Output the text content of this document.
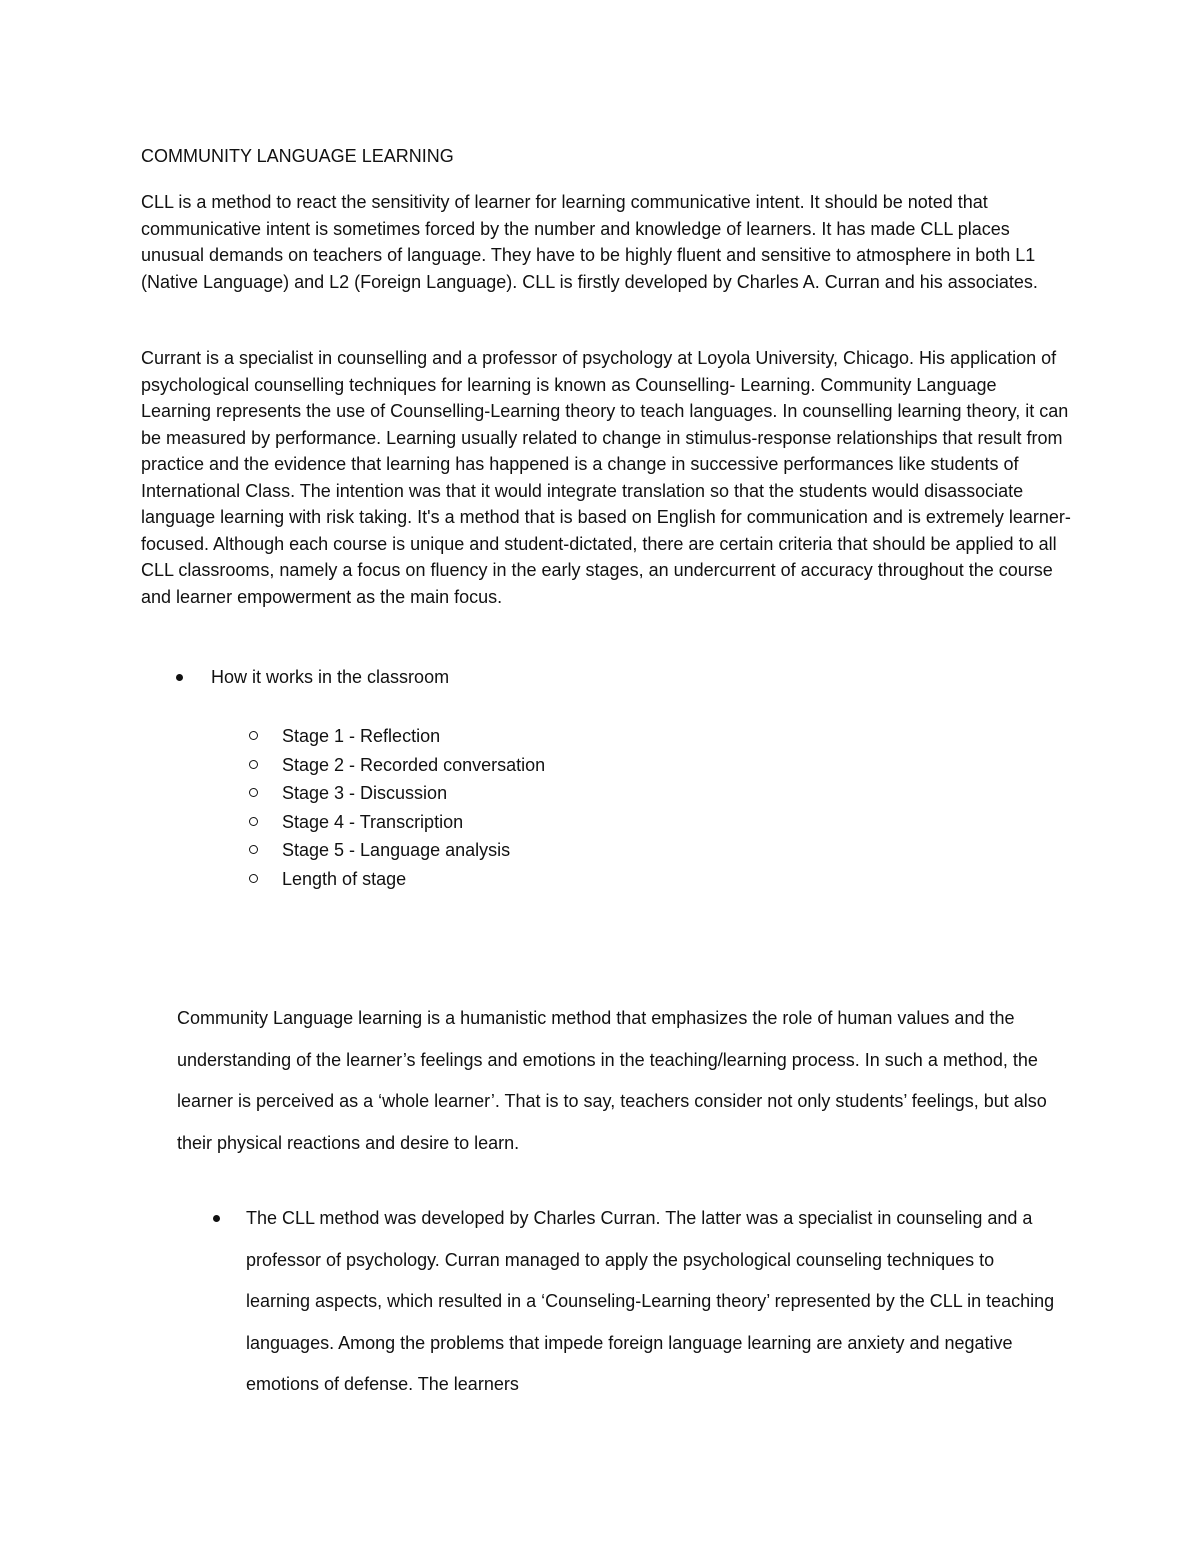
COMMUNITY LANGUAGE LEARNING

CLL is a method to react the sensitivity of learner for learning communicative intent. It should be noted that communicative intent is sometimes forced by the number and knowledge of learners. It has made CLL places unusual demands on teachers of language. They have to be highly fluent and sensitive to atmosphere in both L1 (Native Language) and L2 (Foreign Language). CLL is firstly developed by Charles A. Curran and his associates.

Currant is a specialist in counselling and a professor of psychology at Loyola University, Chicago. His application of psychological counselling techniques for learning is known as Counselling- Learning. Community Language Learning represents the use of Counselling-Learning theory to teach languages. In counselling learning theory, it can be measured by performance. Learning usually related to change in stimulus-response relationships that result from practice and the evidence that learning has happened is a change in successive performances like students of International Class. The intention was that it would integrate translation so that the students would disassociate language learning with risk taking. It's a method that is based on English for communication and is extremely learner-focused. Although each course is unique and student-dictated, there are certain criteria that should be applied to all CLL classrooms, namely a focus on fluency in the early stages, an undercurrent of accuracy throughout the course and learner empowerment as the main focus.

How it works in the classroom
Stage 1 - Reflection
Stage 2 - Recorded conversation
Stage 3 - Discussion
Stage 4 - Transcription
Stage 5 - Language analysis
Length of stage

Community Language learning is a humanistic method that emphasizes the role of human values and the understanding of the learner’s feelings and emotions in the teaching/learning process. In such a method, the learner is perceived as a ‘whole learner’. That is to say, teachers consider not only students’ feelings, but also their physical reactions and desire to learn.

The CLL method was developed by Charles Curran. The latter was a specialist in counseling and a professor of psychology. Curran managed to apply the psychological counseling techniques to learning aspects, which resulted in a ‘Counseling-Learning theory’ represented by the CLL in teaching languages. Among the problems that impede foreign language learning are anxiety and negative emotions of defense. The learners
